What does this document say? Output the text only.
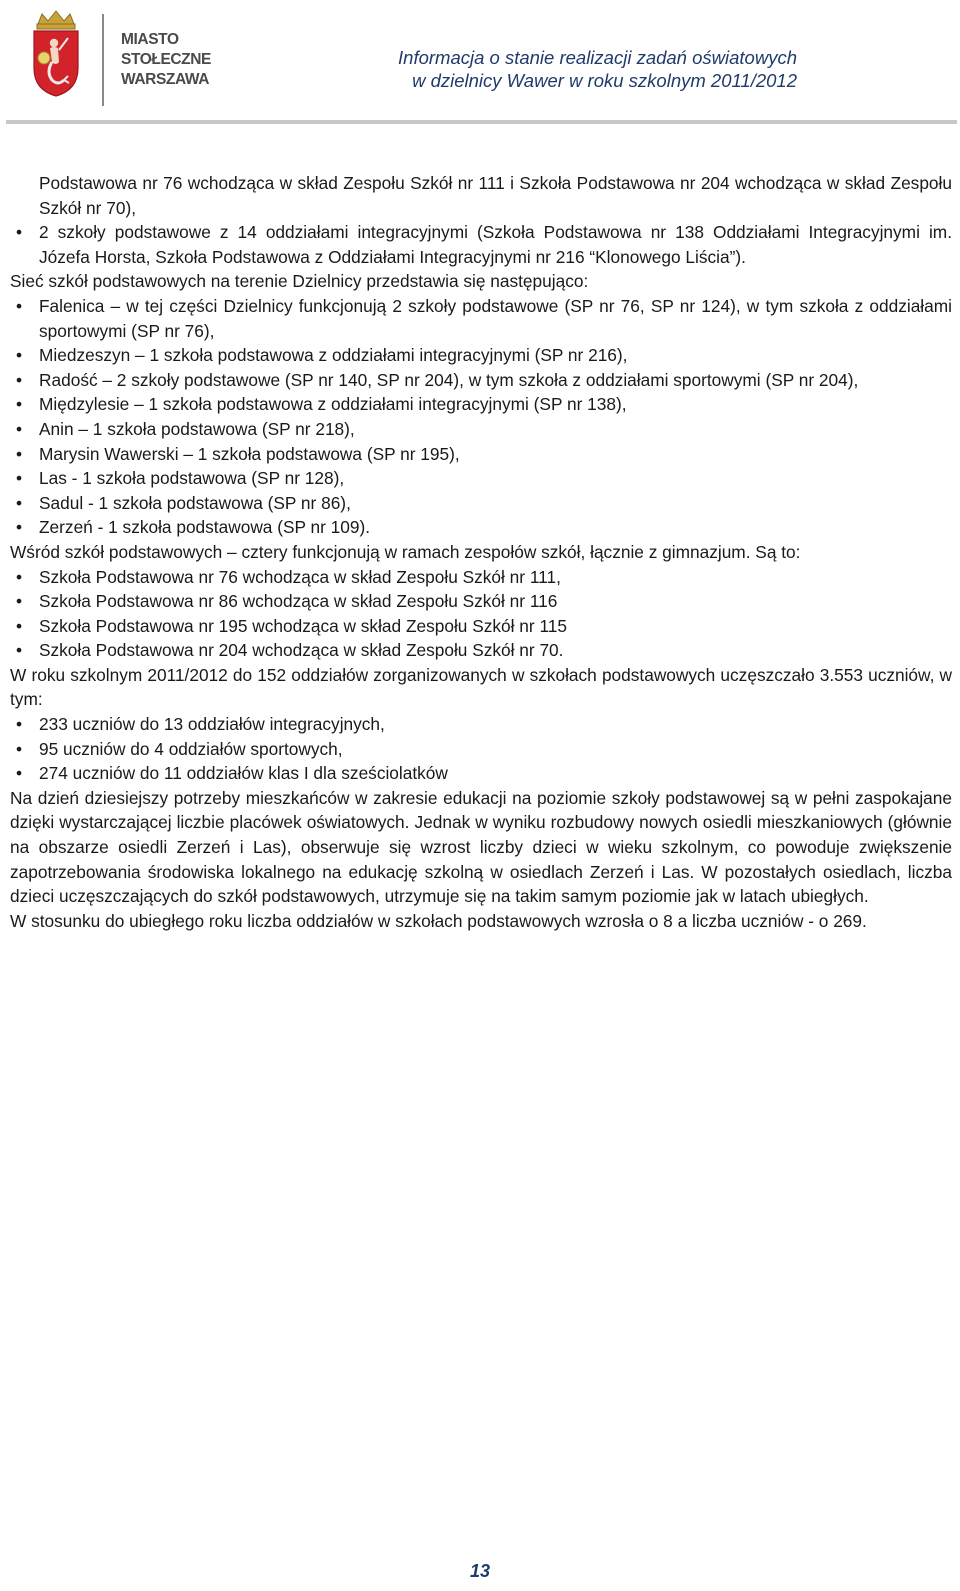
MIASTO
STOŁECZNE
WARSZAWA
Informacja o stanie realizacji zadań oświatowych
w dzielnicy Wawer w roku szkolnym 2011/2012

Podstawowa nr 76 wchodząca w skład Zespołu Szkół nr 111 i Szkoła Podstawowa nr 204 wchodząca w skład Zespołu Szkół nr 70),

• 2 szkoły podstawowe z 14 oddziałami integracyjnymi (Szkoła Podstawowa nr 138 Oddziałami Integracyjnymi im. Józefa Horsta, Szkoła Podstawowa z Oddziałami Integracyjnymi nr 216 “Klonowego Liścia”).

Sieć szkół podstawowych na terenie Dzielnicy przedstawia się następująco:

• Falenica – w tej części Dzielnicy funkcjonują 2 szkoły podstawowe (SP nr 76, SP nr 124), w tym szkoła z oddziałami sportowymi (SP nr 76),
• Miedzeszyn – 1 szkoła podstawowa z oddziałami integracyjnymi (SP nr 216),
• Radość – 2 szkoły podstawowe (SP nr 140, SP nr 204), w tym szkoła z oddziałami sportowymi (SP nr 204),
• Międzylesie – 1 szkoła podstawowa z oddziałami integracyjnymi (SP nr 138),
• Anin – 1 szkoła podstawowa (SP nr 218),
• Marysin Wawerski – 1 szkoła podstawowa (SP nr 195),
• Las - 1 szkoła podstawowa (SP nr 128),
• Sadul - 1 szkoła podstawowa (SP nr 86),
• Zerzeń - 1 szkoła podstawowa (SP nr 109).

Wśród szkół podstawowych – cztery funkcjonują w ramach zespołów szkół, łącznie z gimnazjum. Są to:

• Szkoła Podstawowa nr 76 wchodząca w skład Zespołu Szkół nr 111,
• Szkoła Podstawowa nr 86 wchodząca w skład Zespołu Szkół nr 116
• Szkoła Podstawowa nr 195 wchodząca w skład Zespołu Szkół nr 115
• Szkoła Podstawowa nr 204 wchodząca w skład Zespołu Szkół nr 70.

W roku szkolnym 2011/2012 do 152 oddziałów zorganizowanych w szkołach podstawowych uczęszczało 3.553 uczniów, w tym:

• 233 uczniów do 13 oddziałów integracyjnych,
• 95 uczniów do 4 oddziałów sportowych,
• 274 uczniów do 11 oddziałów klas I dla sześciolatków

Na dzień dziesiejszy potrzeby mieszkańców w zakresie edukacji na poziomie szkoły podstawowej są w pełni zaspokajane dzięki wystarczającej liczbie placówek oświatowych. Jednak w wyniku rozbudowy nowych osiedli mieszkaniowych (głównie na obszarze osiedli Zerzeń i Las), obserwuje się wzrost liczby dzieci w wieku szkolnym, co powoduje zwiększenie zapotrzebowania środowiska lokalnego na edukację szkolną w osiedlach Zerzeń i Las. W pozostałych osiedlach, liczba dzieci uczęszczających do szkół podstawowych, utrzymuje się na takim samym poziomie jak w latach ubiegłych.

W stosunku do ubiegłego roku liczba oddziałów w szkołach podstawowych wzrosła o 8 a liczba uczniów - o 269.

13
